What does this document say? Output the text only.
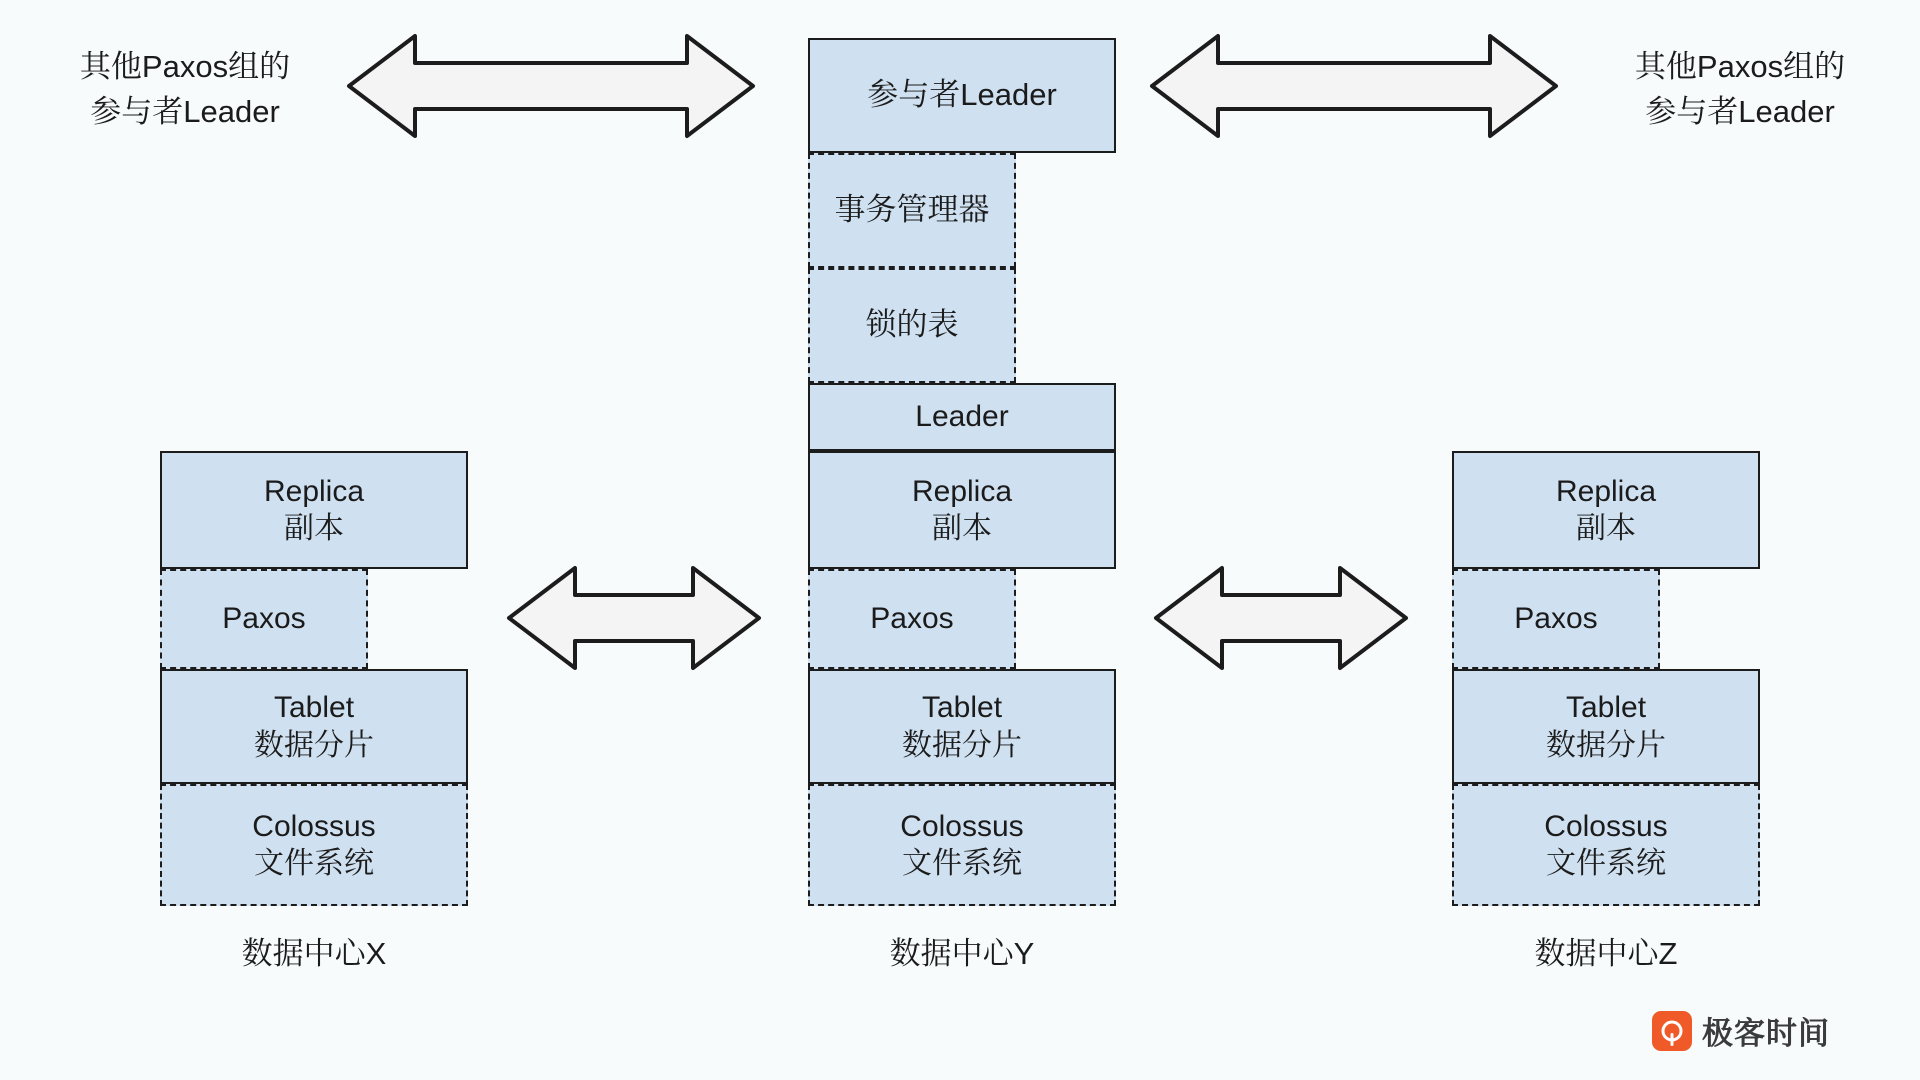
其他Paxos组的
参与者Leader
其他Paxos组的
参与者Leader
参与者Leader
事务管理器
锁的表
Leader
Replica
副本
Paxos
Tablet
数据分片
Colossus
文件系统
数据中心Y
Replica
副本
Paxos
Tablet
数据分片
Colossus
文件系统
数据中心X
Replica
副本
Paxos
Tablet
数据分片
Colossus
文件系统
数据中心Z
极客时间
